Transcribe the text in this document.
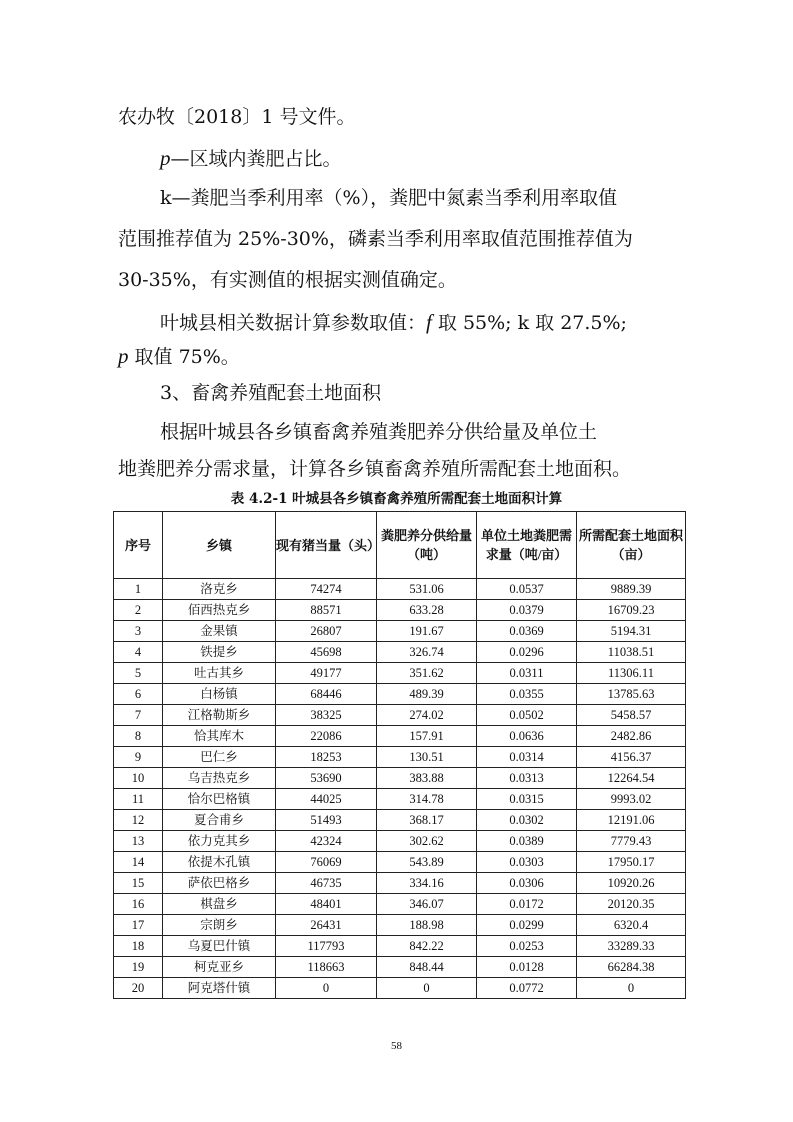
农办牧〔2018〕1 号文件。

p—区域内粪肥占比。

k—粪肥当季利用率（%），粪肥中氮素当季利用率取值

范围推荐值为 25%-30%，磷素当季利用率取值范围推荐值为

30-35%，有实测值的根据实测值确定。

叶城县相关数据计算参数取值：f 取 55%; k 取 27.5%;

p 取值 75%。

3、畜禽养殖配套土地面积

根据叶城县各乡镇畜禽养殖粪肥养分供给量及单位土

地粪肥养分需求量，计算各乡镇畜禽养殖所需配套土地面积。

表 4.2-1 叶城县各乡镇畜禽养殖所需配套土地面积计算

序号	乡镇	现有猪当量（头）	粪肥养分供给量（吨）	单位土地粪肥需求量（吨/亩）	所需配套土地面积（亩）
1	洛克乡	74274	531.06	0.0537	9889.39
2	佰西热克乡	88571	633.28	0.0379	16709.23
3	金果镇	26807	191.67	0.0369	5194.31
4	铁提乡	45698	326.74	0.0296	11038.51
5	吐古其乡	49177	351.62	0.0311	11306.11
6	白杨镇	68446	489.39	0.0355	13785.63
7	江格勒斯乡	38325	274.02	0.0502	5458.57
8	恰其库木	22086	157.91	0.0636	2482.86
9	巴仁乡	18253	130.51	0.0314	4156.37
10	乌吉热克乡	53690	383.88	0.0313	12264.54
11	恰尔巴格镇	44025	314.78	0.0315	9993.02
12	夏合甫乡	51493	368.17	0.0302	12191.06
13	依力克其乡	42324	302.62	0.0389	7779.43
14	依提木孔镇	76069	543.89	0.0303	17950.17
15	萨依巴格乡	46735	334.16	0.0306	10920.26
16	棋盘乡	48401	346.07	0.0172	20120.35
17	宗朗乡	26431	188.98	0.0299	6320.4
18	乌夏巴什镇	117793	842.22	0.0253	33289.33
19	柯克亚乡	118663	848.44	0.0128	66284.38
20	阿克塔什镇	0	0	0.0772	0

58
